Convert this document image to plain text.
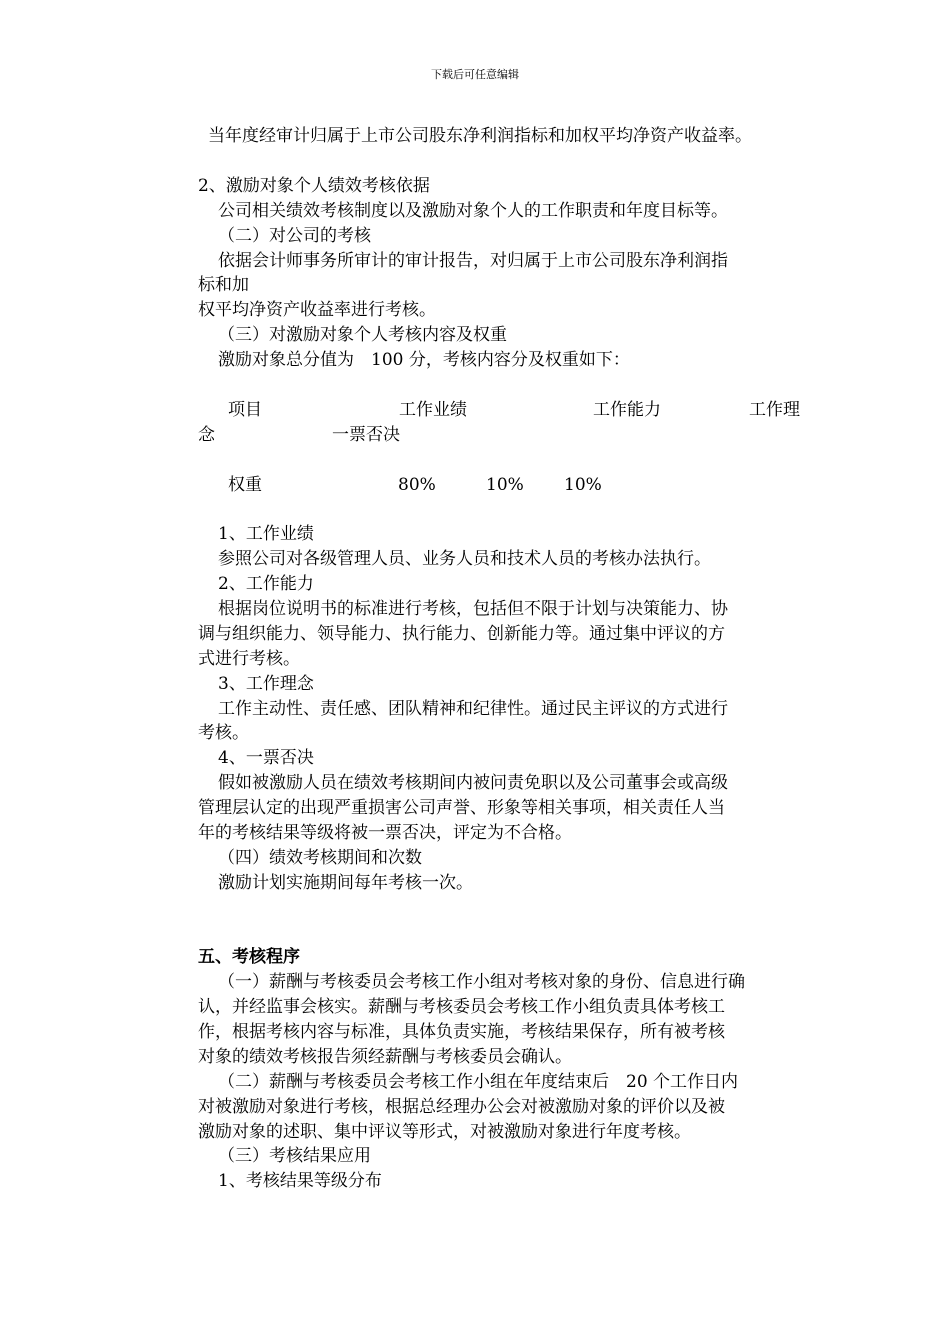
下载后可任意编辑
当年度经审计归属于上市公司股东净利润指标和加权平均净资产收益率。
2、激励对象个人绩效考核依据
公司相关绩效考核制度以及激励对象个人的工作职责和年度目标等。
（二）对公司的考核
依据会计师事务所审计的审计报告，对归属于上市公司股东净利润指
标和加
权平均净资产收益率进行考核。
（三）对激励对象个人考核内容及权重
激励对象总分值为　100 分，考核内容分及权重如下：
项目	工作业绩	工作能力	工作理
念	一票否决
权重	80%	10% 10%
1、工作业绩
参照公司对各级管理人员、业务人员和技术人员的考核办法执行。
2、工作能力
根据岗位说明书的标准进行考核，包括但不限于计划与决策能力、协
调与组织能力、领导能力、执行能力、创新能力等。通过集中评议的方
式进行考核。
3、工作理念
工作主动性、责任感、团队精神和纪律性。通过民主评议的方式进行
考核。
4、一票否决
假如被激励人员在绩效考核期间内被问责免职以及公司董事会或高级
管理层认定的出现严重损害公司声誉、形象等相关事项，相关责任人当
年的考核结果等级将被一票否决，评定为不合格。
（四）绩效考核期间和次数
激励计划实施期间每年考核一次。
五、考核程序
（一）薪酬与考核委员会考核工作小组对考核对象的身份、信息进行确
认，并经监事会核实。薪酬与考核委员会考核工作小组负责具体考核工
作，根据考核内容与标准，具体负责实施，考核结果保存，所有被考核
对象的绩效考核报告须经薪酬与考核委员会确认。
（二）薪酬与考核委员会考核工作小组在年度结束后　20 个工作日内
对被激励对象进行考核，根据总经理办公会对被激励对象的评价以及被
激励对象的述职、集中评议等形式，对被激励对象进行年度考核。
（三）考核结果应用
1、考核结果等级分布
